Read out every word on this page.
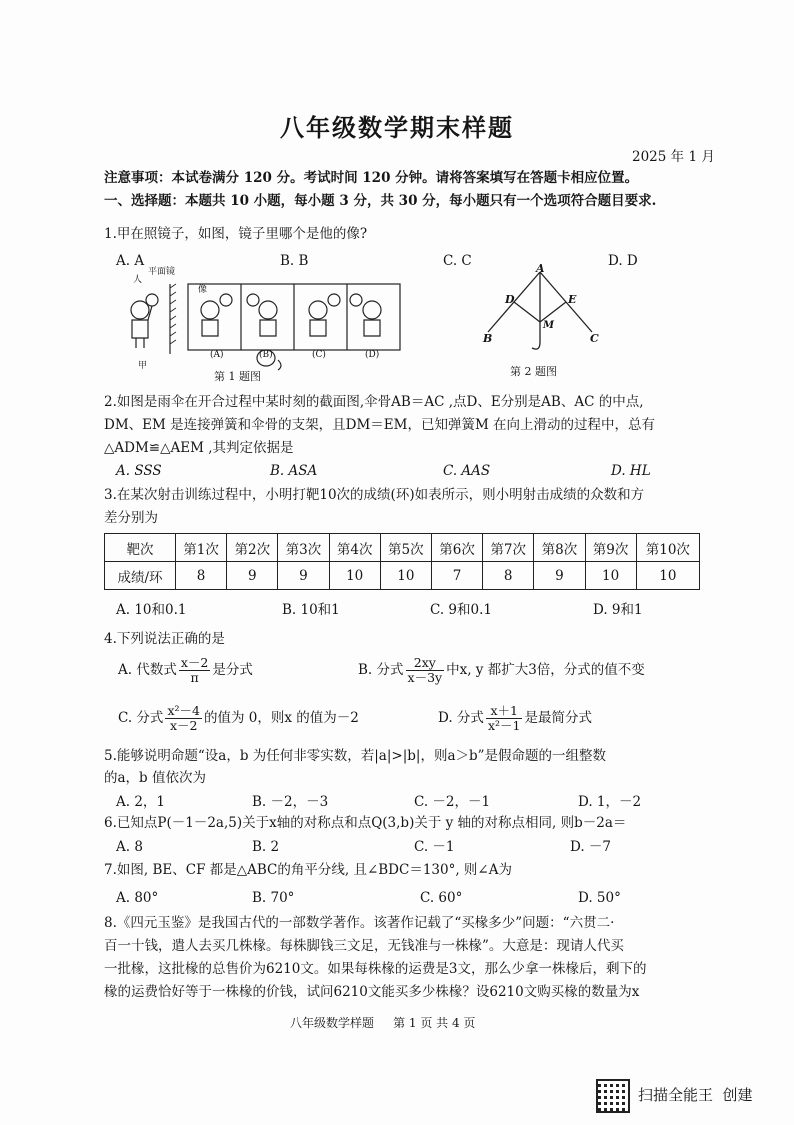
八年级数学期末样题
2025 年 1 月
注意事项：本试卷满分 120 分。考试时间 120 分钟。请将答案填写在答题卡相应位置。
一、选择题：本题共 10 小题，每小题 3 分，共 30 分，每小题只有一个选项符合题目要求.
1.甲在照镜子，如图，镜子里哪个是他的像?
A. A	B. B	C. C	D. D
人
平面镜
像
甲
(A)	(B)	(C)	(D)
第 1 题图
A
D	E
B	C
M
第 2 题图
2.如图是雨伞在开合过程中某时刻的截面图,伞骨AB＝AC ,点D、E分别是AB、AC 的中点,
DM、EM 是连接弹簧和伞骨的支架，且DM＝EM，已知弹簧M 在向上滑动的过程中，总有
△ADM≌△AEM ,其判定依据是
A. SSS	B. ASA	C. AAS	D. HL
3.在某次射击训练过程中，小明打靶10次的成绩(环)如表所示，则小明射击成绩的众数和方
差分别为
靶次	第1次	第2次	第3次	第4次	第5次	第6次	第7次	第8次	第9次	第10次
成绩/环	8	9	9	10	10	7	8	9	10	10
A. 10和0.1	B. 10和1	C. 9和0.1	D. 9和1
4.下列说法正确的是
A. 代数式 $\frac{x-2}{\pi}$ 是分式	B. 分式 $\frac{2xy}{x-3y}$ 中x, y 都扩大3倍，分式的值不变
C. 分式 $\frac{\text{x²－4}}{x-2}$ 的值为 0，则x 的值为－2	D. 分式 $\frac{x+1}{\text{x²－1}}$ 是最简分式
5.能够说明命题“设a，b 为任何非零实数，若|a|>|b|，则a＞b”是假命题的一组整数
的a，b 值依次为
A. 2，1	B. －2，－3	C. －2，－1	D. 1，－2
6.已知点P(－1－2a,5)关于x轴的对称点和点Q(3,b)关于 y 轴的对称点相同, 则b－2a＝
A. 8	B. 2	C. －1	D. －7
7.如图, BE、CF 都是△ABC的角平分线, 且∠BDC＝130°, 则∠A为
A. 80°	B. 70°	C. 60°	D. 50°
8.《四元玉鉴》是我国古代的一部数学著作。该著作记载了“买椽多少”问题：“六贯二·
百一十钱，遣人去买几株椽。每株脚钱三文足，无钱准与一株椽”。大意是：现请人代买
一批椽，这批椽的总售价为6210文。如果每株椽的运费是3文，那么少拿一株椽后，剩下的
椽的运费恰好等于一株椽的价钱，试问6210文能买多少株椽？设6210文购买椽的数量为x
八年级数学样题     第 1 页 共 4 页
扫描全能王  创建
